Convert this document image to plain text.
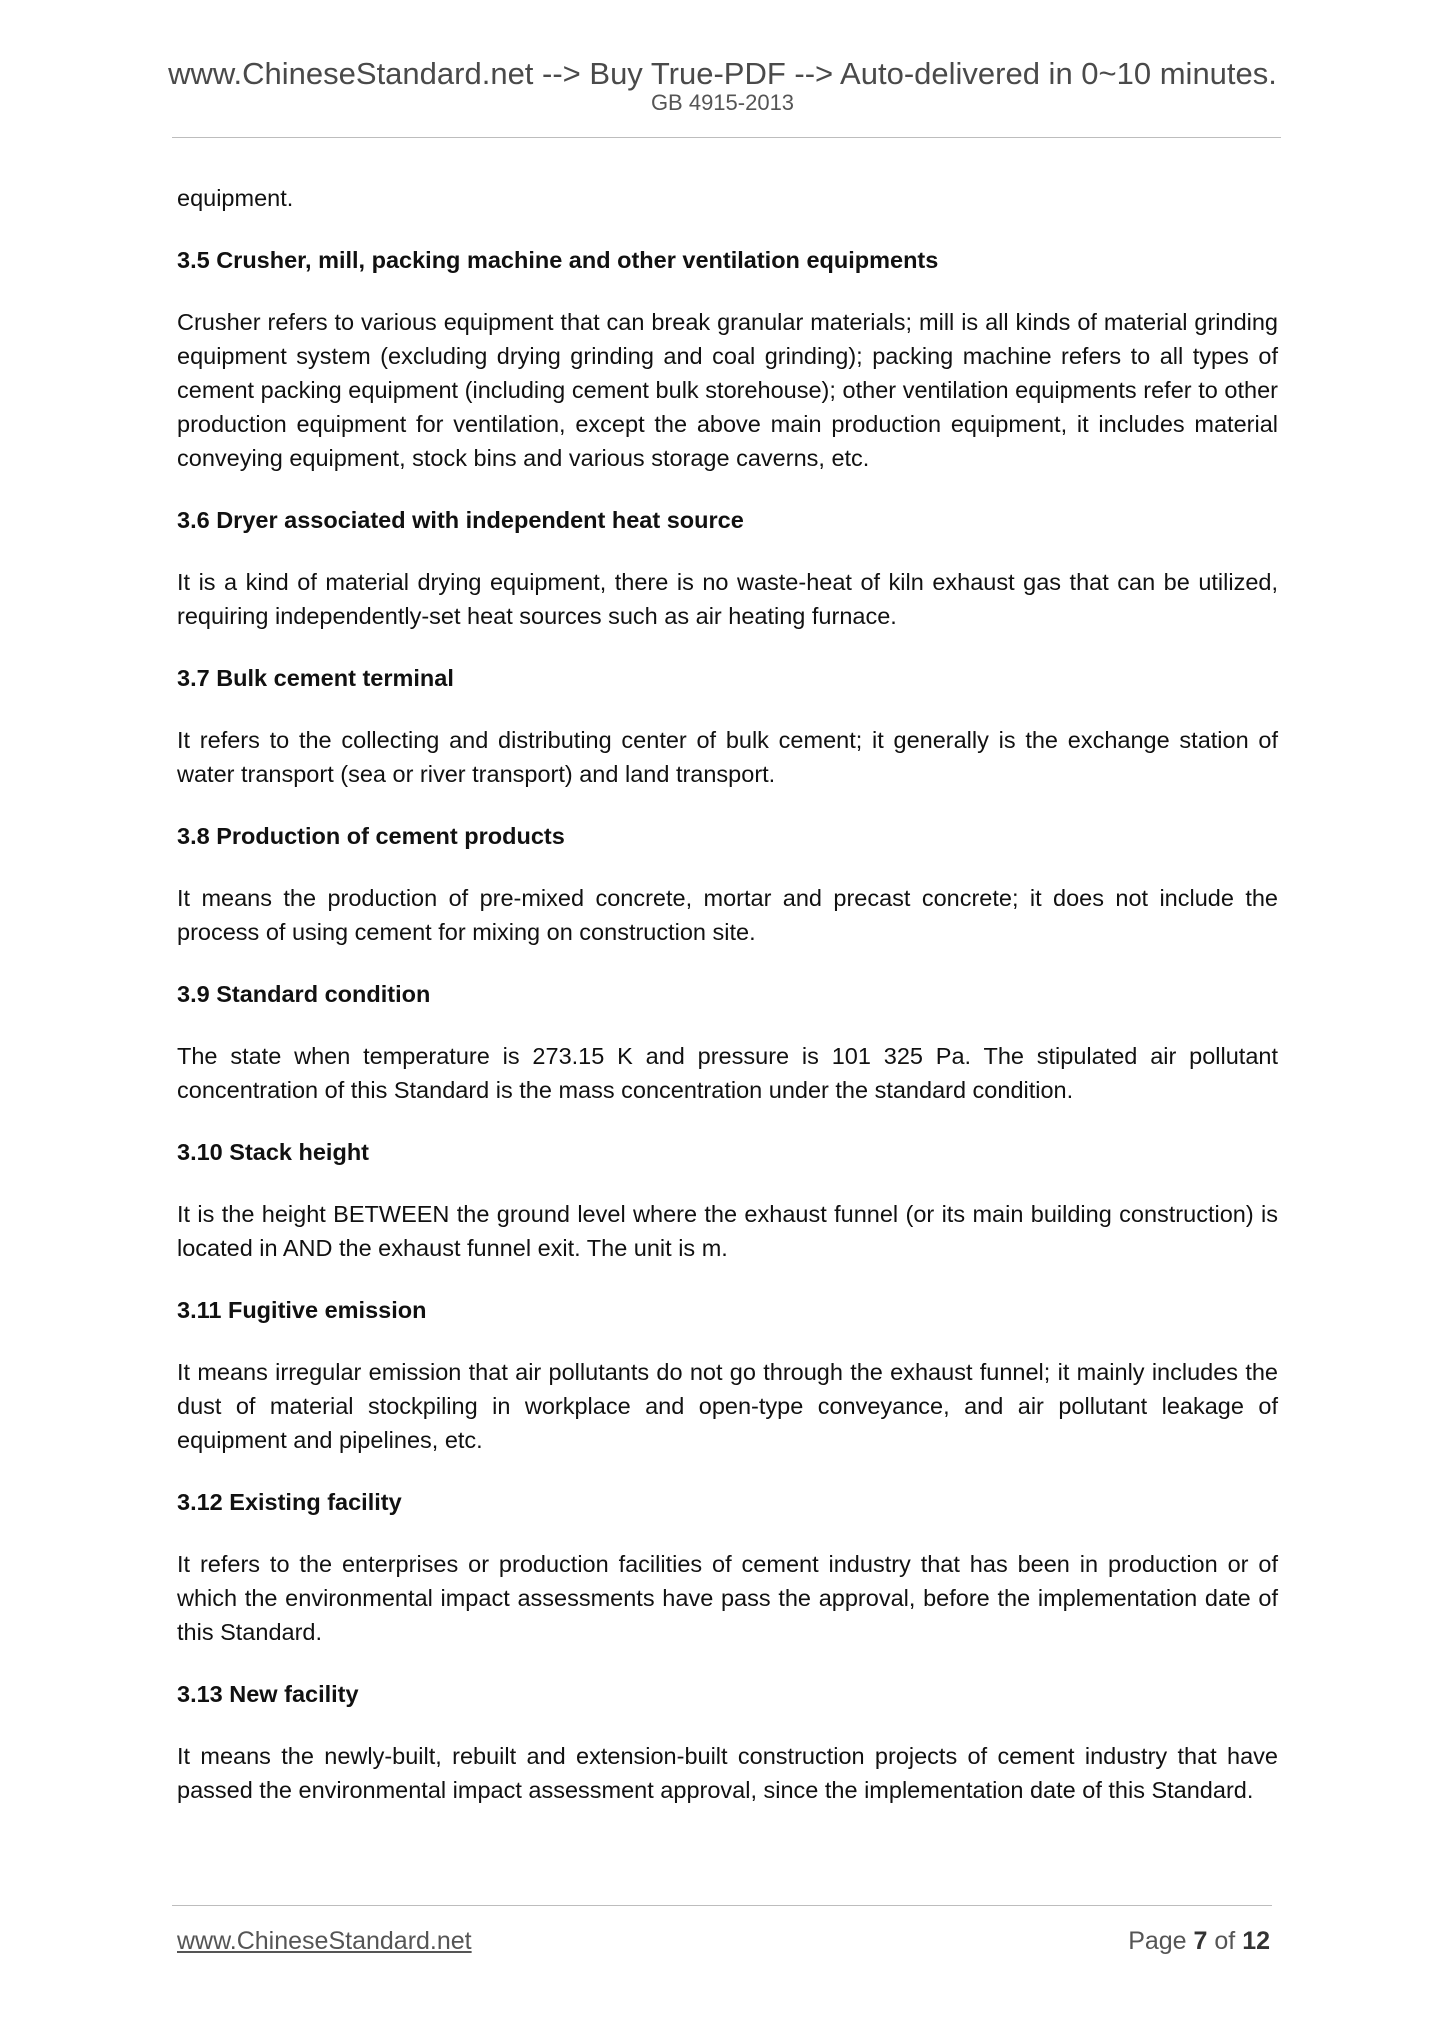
www.ChineseStandard.net --> Buy True-PDF --> Auto-delivered in 0~10 minutes.
GB 4915-2013

equipment.

3.5 Crusher, mill, packing machine and other ventilation equipments

Crusher refers to various equipment that can break granular materials; mill is all kinds of material grinding equipment system (excluding drying grinding and coal grinding); packing machine refers to all types of cement packing equipment (including cement bulk storehouse); other ventilation equipments refer to other production equipment for ventilation, except the above main production equipment, it includes material conveying equipment, stock bins and various storage caverns, etc.

3.6 Dryer associated with independent heat source

It is a kind of material drying equipment, there is no waste-heat of kiln exhaust gas that can be utilized, requiring independently-set heat sources such as air heating furnace.

3.7 Bulk cement terminal

It refers to the collecting and distributing center of bulk cement; it generally is the exchange station of water transport (sea or river transport) and land transport.

3.8 Production of cement products

It means the production of pre-mixed concrete, mortar and precast concrete; it does not include the process of using cement for mixing on construction site.

3.9 Standard condition

The state when temperature is 273.15 K and pressure is 101 325 Pa. The stipulated air pollutant concentration of this Standard is the mass concentration under the standard condition.

3.10 Stack height

It is the height BETWEEN the ground level where the exhaust funnel (or its main building construction) is located in AND the exhaust funnel exit. The unit is m.

3.11 Fugitive emission

It means irregular emission that air pollutants do not go through the exhaust funnel; it mainly includes the dust of material stockpiling in workplace and open-type conveyance, and air pollutant leakage of equipment and pipelines, etc.

3.12 Existing facility

It refers to the enterprises or production facilities of cement industry that has been in production or of which the environmental impact assessments have pass the approval, before the implementation date of this Standard.

3.13 New facility

It means the newly-built, rebuilt and extension-built construction projects of cement industry that have passed the environmental impact assessment approval, since the implementation date of this Standard.

www.ChineseStandard.net	Page 7 of 12
